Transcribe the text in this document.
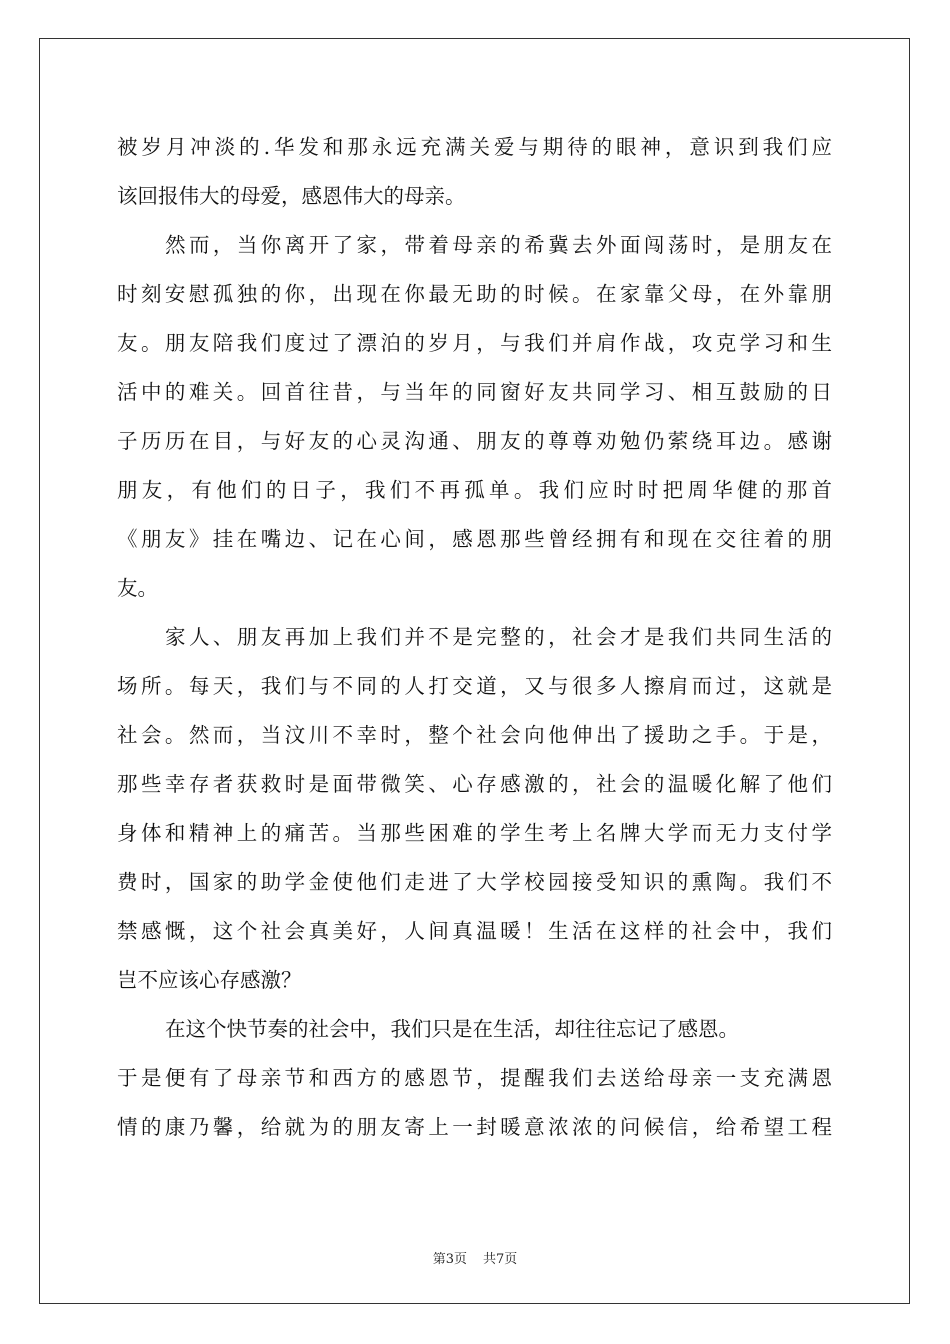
被岁月冲淡的.华发和那永远充满关爱与期待的眼神，意识到我们应
该回报伟大的母爱，感恩伟大的母亲。
然而，当你离开了家，带着母亲的希冀去外面闯荡时，是朋友在
时刻安慰孤独的你，出现在你最无助的时候。在家靠父母，在外靠朋
友。朋友陪我们度过了漂泊的岁月，与我们并肩作战，攻克学习和生
活中的难关。回首往昔，与当年的同窗好友共同学习、相互鼓励的日
子历历在目，与好友的心灵沟通、朋友的尊尊劝勉仍萦绕耳边。感谢
朋友，有他们的日子，我们不再孤单。我们应时时把周华健的那首
《朋友》挂在嘴边、记在心间，感恩那些曾经拥有和现在交往着的朋
友。
家人、朋友再加上我们并不是完整的，社会才是我们共同生活的
场所。每天，我们与不同的人打交道，又与很多人擦肩而过，这就是
社会。然而，当汶川不幸时，整个社会向他伸出了援助之手。于是，
那些幸存者获救时是面带微笑、心存感激的，社会的温暖化解了他们
身体和精神上的痛苦。当那些困难的学生考上名牌大学而无力支付学
费时，国家的助学金使他们走进了大学校园接受知识的熏陶。我们不
禁感慨，这个社会真美好，人间真温暖！生活在这样的社会中，我们
岂不应该心存感激？
在这个快节奏的社会中，我们只是在生活，却往往忘记了感恩。
于是便有了母亲节和西方的感恩节，提醒我们去送给母亲一支充满恩
情的康乃馨，给就为的朋友寄上一封暖意浓浓的问候信，给希望工程
第3页 共7页
